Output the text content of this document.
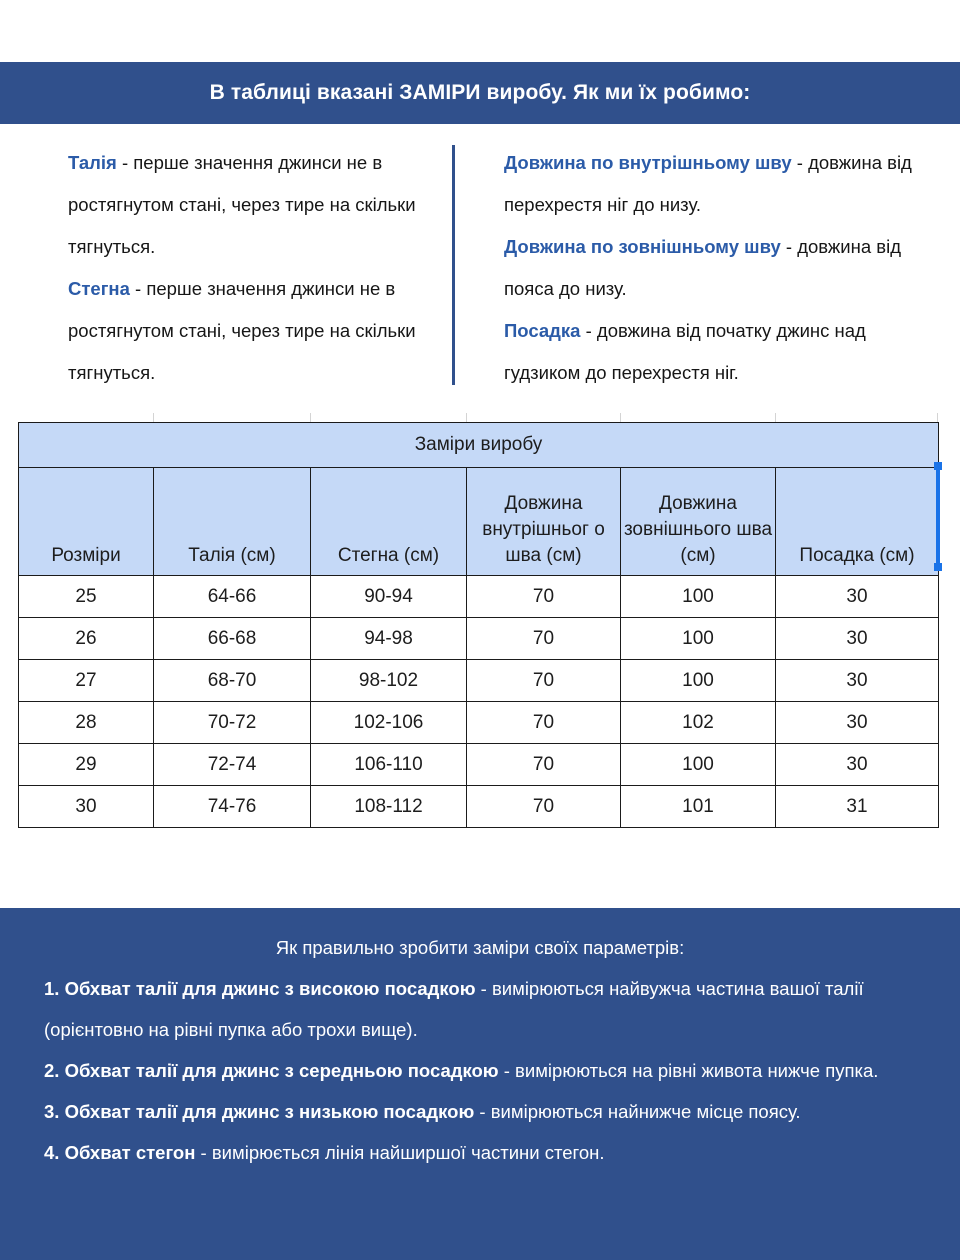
В таблиці вказані ЗАМІРИ виробу. Як ми їх робимо:

Талія - перше значення джинси не в ростягнутом стані, через тире на скільки тягнуться.

Стегна - перше значення джинси не в ростягнутом стані, через тире на скільки тягнуться.

Довжина по внутрішньому шву - довжина від перехрестя ніг до низу.

Довжина по зовнішньому шву - довжина від пояса до низу.

Посадка - довжина від початку джинс над гудзиком до перехрестя ніг.

Заміри виробу					
Розміри	Талія (см)	Стегна (см)	Довжина внутрішньог о шва (см)	Довжина зовнішнього шва (см)	Посадка (см)
25	64-66	90-94	70	100	30
26	66-68	94-98	70	100	30
27	68-70	98-102	70	100	30
28	70-72	102-106	70	102	30
29	72-74	106-110	70	100	30
30	74-76	108-112	70	101	31
Як правильно зробити заміри своїх параметрів:
1. Обхват талії для джинс з високою посадкою - вимірюються найвужча частина вашої талії (орієнтовно на рівні пупка або трохи вище).
2. Обхват талії для джинс з середньою посадкою - вимірюються на рівні живота нижче пупка.
3. Обхват талії для джинс з низькою посадкою - вимірюються найнижче місце поясу.
4. Обхват стегон - вимірюється лінія найширшої частини стегон.
